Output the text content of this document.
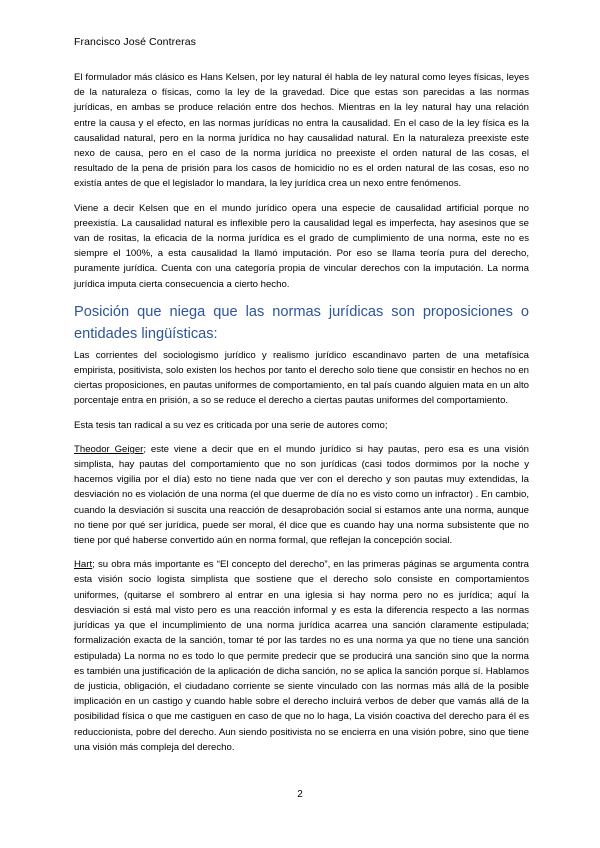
Francisco José Contreras

El formulador más clásico es Hans Kelsen, por ley natural él habla de ley natural como leyes físicas, leyes de la naturaleza o físicas, como la ley de la gravedad. Dice que estas son parecidas a las normas jurídicas, en ambas se produce relación entre dos hechos. Mientras en la ley natural hay una relación entre la causa y el efecto, en las normas jurídicas no entra la causalidad. En el caso de la ley física es la causalidad natural, pero en la norma jurídica no hay causalidad natural. En la naturaleza preexiste este nexo de causa, pero en el caso de la norma jurídica no preexiste el orden natural de las cosas, el resultado de la pena de prisión para los casos de homicidio no es el orden natural de las cosas, eso no existía antes de que el legislador lo mandara, la ley jurídica crea un nexo entre fenómenos.

Viene a decir Kelsen que en el mundo jurídico opera una especie de causalidad artificial porque no preexistía. La causalidad natural es inflexible pero la causalidad legal es imperfecta, hay asesinos que se van de rositas, la eficacia de la norma jurídica es el grado de cumplimiento de una norma, este no es siempre el 100%, a esta causalidad la llamó imputación. Por eso se llama teoría pura del derecho, puramente jurídica. Cuenta con una categoría propia de vincular derechos con la imputación. La norma jurídica imputa cierta consecuencia a cierto hecho.

Posición que niega que las normas jurídicas son proposiciones o entidades lingüísticas:

Las corrientes del sociologismo jurídico y realismo jurídico escandinavo parten de una metafísica empirista, positivista, solo existen los hechos por tanto el derecho solo tiene que consistir en hechos no en ciertas proposiciones, en pautas uniformes de comportamiento, en tal país cuando alguien mata en un alto porcentaje entra en prisión, a so se reduce el derecho a ciertas pautas uniformes del comportamiento.

Esta tesis tan radical a su vez es criticada por una serie de autores como;

Theodor Geiger; este viene a decir que en el mundo jurídico si hay pautas, pero esa es una visión simplista, hay pautas del comportamiento que no son jurídicas (casi todos dormimos por la noche y hacemos vigilia por el día) esto no tiene nada que ver con el derecho y son pautas muy extendidas, la desviación no es violación de una norma (el que duerme de día no es visto como un infractor) . En cambio, cuando la desviación si suscita una reacción de desaprobación social si estamos ante una norma, aunque no tiene por qué ser jurídica, puede ser moral, él dice que es cuando hay una norma subsistente que no tiene por qué haberse convertido aún en norma formal, que reflejan la concepción social.

Hart; su obra más importante es “El concepto del derecho”, en las primeras páginas se argumenta contra esta visión socio logista simplista que sostiene que el derecho solo consiste en comportamientos uniformes, (quitarse el sombrero al entrar en una iglesia si hay norma pero no es jurídica; aquí la desviación si está mal visto pero es una reacción informal y es esta la diferencia respecto a las normas jurídicas ya que el incumplimiento de una norma jurídica acarrea una sanción claramente estipulada; formalización exacta de la sanción, tomar té por las tardes no es una norma ya que no tiene una sanción estipulada) La norma no es todo lo que permite predecir que se producirá una sanción sino que la norma es también una justificación de la aplicación de dicha sanción, no se aplica la sanción porque sí. Hablamos de justicia, obligación, el ciudadano corriente se siente vinculado con las normas más allá de la posible implicación en un castigo y cuando hable sobre el derecho incluirá verbos de deber que vamás allá de la posibilidad física o que me castiguen en caso de que no lo haga, La visión coactiva del derecho para él es reduccionista, pobre del derecho. Aun siendo positivista no se encierra en una visión pobre, sino que tiene una visión más compleja del derecho.

2
